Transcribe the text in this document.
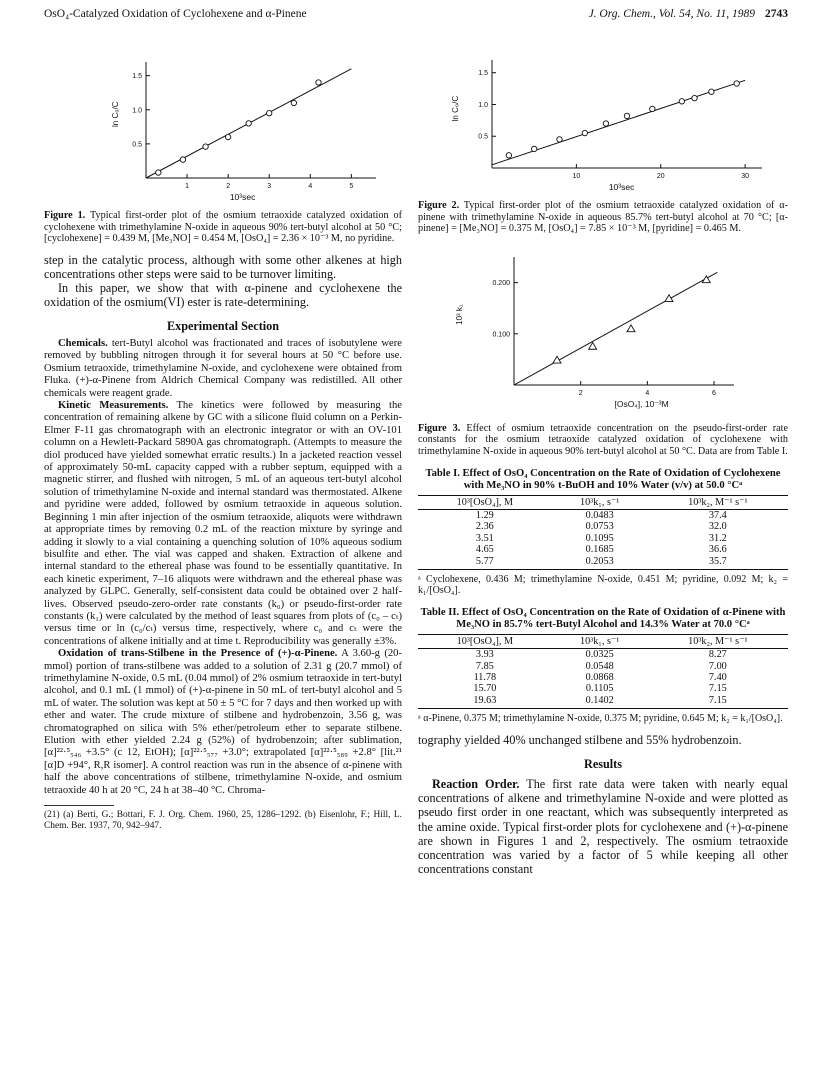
OsO₄-Catalyzed Oxidation of Cyclohexene and α-Pinene	J. Org. Chem., Vol. 54, No. 11, 1989 2743
1	2	3	4	5
0.5
1.0
1.5
10³sec
ln C₀/C
Figure 1. Typical first-order plot of the osmium tetraoxide catalyzed oxidation of cyclohexene with trimethylamine N-oxide in aqueous 90% tert-butyl alcohol at 50 °C; [cyclohexene] = 0.439 M, [Me₃NO] = 0.454 M, [OsO₄] = 2.36 × 10⁻³ M, no pyridine.

step in the catalytic process, although with some other alkenes at high concentrations other steps were said to be turnover limiting.

In this paper, we show that with α-pinene and cyclohexene the oxidation of the osmium(VI) ester is rate-determining.

Experimental Section

Chemicals. tert-Butyl alcohol was fractionated and traces of isobutylene were removed by bubbling nitrogen through it for several hours at 50 °C before use. Osmium tetraoxide, trimethylamine N-oxide, and cyclohexene were obtained from Fluka. (+)-α-Pinene from Aldrich Chemical Company was redistilled. All other chemicals were reagent grade.

Kinetic Measurements. The kinetics were followed by measuring the concentration of remaining alkene by GC with a silicone fluid column on a Perkin-Elmer F-11 gas chromatograph with an electronic integrator or with an OV-101 column on a Hewlett-Packard 5890A gas chromatograph. (Attempts to measure the diol produced have yielded somewhat erratic results.) In a jacketed reaction vessel of approximately 50-mL capacity capped with a rubber septum, equipped with a magnetic stirrer, and flushed with nitrogen, 5 mL of an aqueous tert-butyl alcohol solution of trimethylamine N-oxide and internal standard was thermostated. Alkene and pyridine were added, followed by osmium tetraoxide in aqueous solution. Beginning 1 min after injection of the osmium tetraoxide, aliquots were withdrawn at appropriate times by removing 0.2 mL of the reaction mixture by syringe and adding it slowly to a vial containing a quenching solution of 10% aqueous sodium bisulfite and ether. The vial was capped and shaken. Extraction of alkene and internal standard to the ethereal phase was found to be essentially quantitative. In each kinetic experiment, 7–16 aliquots were withdrawn and the ethereal phase was analyzed by GLPC. Generally, self-consistent data could be obtained over 2 half-lives. Observed pseudo-zero-order rate constants (k₀) or pseudo-first-order rate constants (k₁) were calculated by the method of least squares from plots of (c₀ – cₜ) versus time or ln (c₀/cₜ) versus time, respectively, where c₀ and cₜ were the concentrations of alkene initially and at time t. Reproducibility was generally ±3%.

Oxidation of trans-Stilbene in the Presence of (+)-α-Pinene. A 3.60-g (20-mmol) portion of trans-stilbene was added to a solution of 2.31 g (20.7 mmol) of trimethylamine N-oxide, 0.5 mL (0.04 mmol) of 2% osmium tetraoxide in tert-butyl alcohol, and 0.1 mL (1 mmol) of (+)-α-pinene in 50 mL of tert-butyl alcohol and 5 mL of water. The solution was kept at 50 ± 5 °C for 7 days and then worked up with ether and water. The crude mixture of stilbene and hydrobenzoin, 3.56 g, was chromatographed on silica with 5% ether/petroleum ether to separate stilbene. Elution with ether yielded 2.24 g (52%) of hydrobenzoin; after sublimation, [α]²²·⁵₅₄₆ +3.5° (c 12, EtOH); [α]²²·⁵₅₇₇ +3.0°; extrapolated [α]²²·⁵₅₈₉ +2.8° [lit.²¹ [α]D +94°, R,R isomer]. A control reaction was run in the absence of α-pinene with half the above concentrations of stilbene, trimethylamine N-oxide, and osmium tetraoxide 40 h at 20 °C, 24 h at 38–40 °C. Chroma-

(21) (a) Berti, G.; Bottari, F. J. Org. Chem. 1960, 25, 1286–1292. (b) Eisenlohr, F.; Hill, L. Chem. Ber. 1937, 70, 942–947.

10	20	30
0.5
1.0
1.5
10³sec
ln C₀/C
Figure 2. Typical first-order plot of the osmium tetraoxide catalyzed oxidation of α-pinene with trimethylamine N-oxide in aqueous 85.7% tert-butyl alcohol at 70 °C; [α-pinene] = [Me₃NO] = 0.375 M, [OsO₄] = 7.85 × 10⁻³ M, [pyridine] = 0.465 M.
2	4	6
0.100
0.200
[OsO₄], 10⁻³M
10³ k₁
Figure 3. Effect of osmium tetraoxide concentration on the pseudo-first-order rate constants for the osmium tetraoxide catalyzed oxidation of cyclohexene with trimethylamine N-oxide in aqueous 90% tert-butyl alcohol at 50 °C. Data are from Table I.
Table I. Effect of OsO₄ Concentration on the Rate of Oxidation of Cyclohexene with Me₃NO in 90% t-BuOH and 10% Water (v/v) at 50.0 °Cᵃ
10³[OsO₄], M	10³k₁, s⁻¹	10³k₂, M⁻¹ s⁻¹
1.29	0.0483	37.4
2.36	0.0753	32.0
3.51	0.1095	31.2
4.65	0.1685	36.6
5.77	0.2053	35.7

ᵃ Cyclohexene, 0.436 M; trimethylamine N-oxide, 0.451 M; pyridine, 0.092 M; k₂ = k₁/[OsO₄].

Table II. Effect of OsO₄ Concentration on the Rate of Oxidation of α-Pinene with Me₃NO in 85.7% tert-Butyl Alcohol and 14.3% Water at 70.0 °Cᵃ
10³[OsO₄], M	10³k₁, s⁻¹	10³k₂, M⁻¹ s⁻¹
3.93	0.0325	8.27
7.85	0.0548	7.00
11.78	0.0868	7.40
15.70	0.1105	7.15
19.63	0.1402	7.15

ᵃ α-Pinene, 0.375 M; trimethylamine N-oxide, 0.375 M; pyridine, 0.645 M; k₂ = k₁/[OsO₄].

tography yielded 40% unchanged stilbene and 55% hydrobenzoin.

Results

Reaction Order. The first rate data were taken with nearly equal concentrations of alkene and trimethylamine N-oxide and were plotted as pseudo first order in one reactant, which was subsequently interpreted as the amine oxide. Typical first-order plots for cyclohexene and (+)-α-pinene are shown in Figures 1 and 2, respectively. The osmium tetraoxide concentration was varied by a factor of 5 while keeping all other concentrations constant
